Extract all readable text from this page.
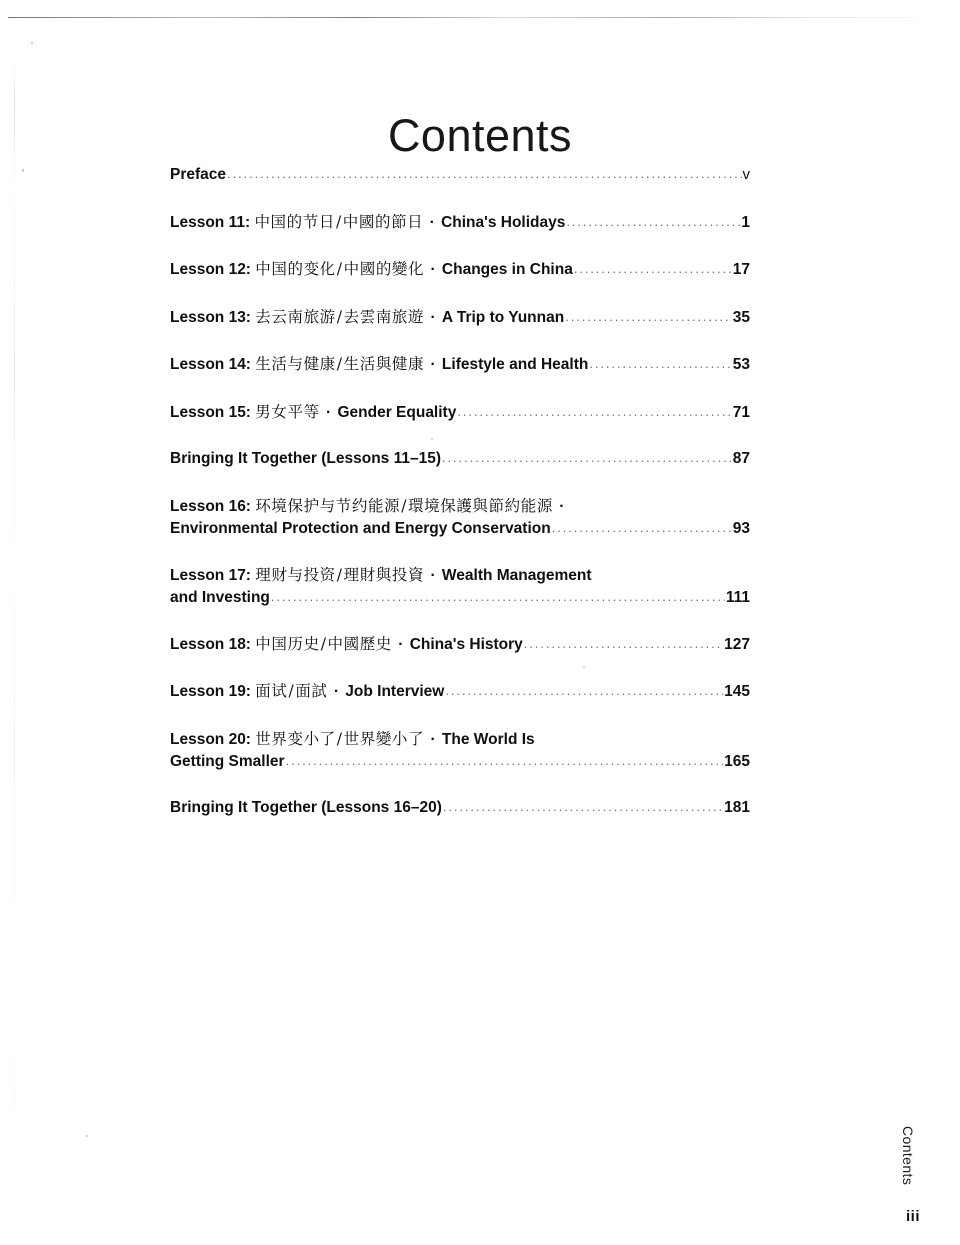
Contents
Preface .....	v
Lesson 11: 中国的节日/中國的節日 · China's Holidays .....	1
Lesson 12: 中国的变化/中國的變化 · Changes in China .....	17
Lesson 13: 去云南旅游/去雲南旅遊 · A Trip to Yunnan .....	35
Lesson 14: 生活与健康/生活與健康 · Lifestyle and Health .....	53
Lesson 15: 男女平等 · Gender Equality .....	71
Bringing It Together (Lessons 11–15) .....	87
Lesson 16: 环境保护与节约能源/環境保護與節約能源 ·
Environmental Protection and Energy Conservation .....	93
Lesson 17: 理财与投资/理財與投資 · Wealth Management
and Investing .....	111
Lesson 18: 中国历史/中國歷史 · China's History .....	127
Lesson 19: 面试/面試 · Job Interview .....	145
Lesson 20: 世界变小了/世界變小了 · The World Is
Getting Smaller .....	165
Bringing It Together (Lessons 16–20) .....	181
Contents
iii
